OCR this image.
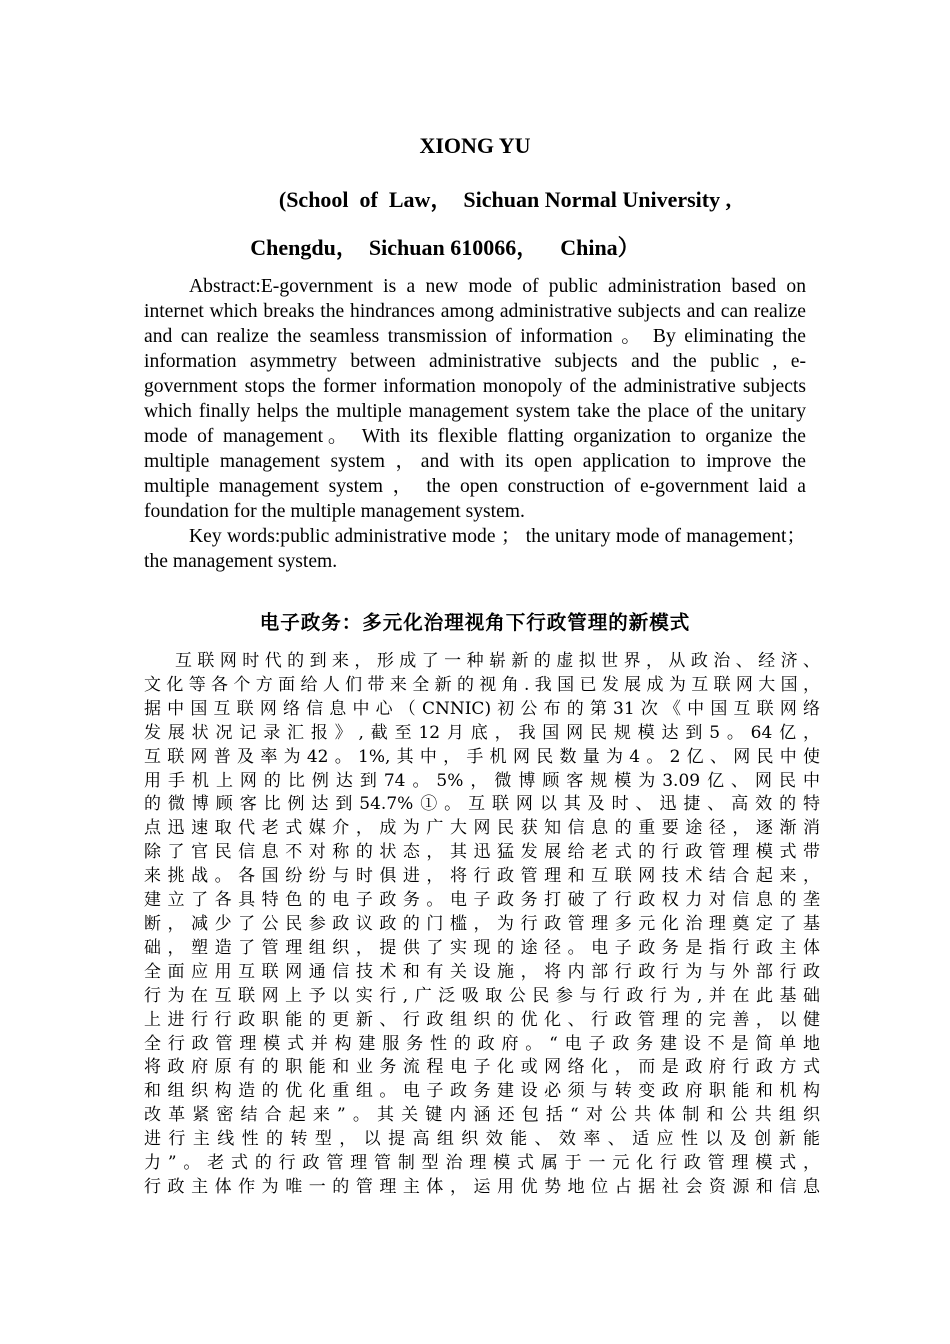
XIONG YU
(School  of  Law，  Sichuan Normal University ,
Chengdu，  Sichuan 610066，    China）

Abstract:E-government is a new mode of public administration based on internet which breaks the hindrances among administrative subjects and can realize and can realize the seamless transmission of information 。 By eliminating the information asymmetry between administrative subjects and the public , e-government stops the former information monopoly of the administrative subjects which finally helps the multiple management system take the place of the unitary mode of management。 With its flexible flatting organization to organize the multiple management system ，and with its open application to improve the multiple management system ， the open construction of e-government laid a foundation for the multiple management system.

Key words:public administrative mode ； the unitary mode of management； the management system.

电子政务：多元化治理视角下行政管理的新模式
互联网时代的到来，形成了一种崭新的虚拟世界，从政治、经济、
文化等各个方面给人们带来全新的视角.我国已发展成为互联网大国，
据中国互联网络信息中心（CNNIC)初公布的第31次《中国互联网络
发展状况记录汇报》,截至12月底，我国网民规模达到5。64亿，
互联网普及率为42。1%,其中，手机网民数量为4。2亿、网民中使
用手机上网的比例达到74。5%，微博顾客规模为3.09亿、网民中
的微博顾客比例达到54.7%①。互联网以其及时、迅捷、高效的特
点迅速取代老式媒介，成为广大网民获知信息的重要途径，逐渐消
除了官民信息不对称的状态，其迅猛发展给老式的行政管理模式带
来挑战。各国纷纷与时俱进，将行政管理和互联网技术结合起来，
建立了各具特色的电子政务。电子政务打破了行政权力对信息的垄
断，减少了公民参政议政的门槛，为行政管理多元化治理奠定了基
础，塑造了管理组织，提供了实现的途径。电子政务是指行政主体
全面应用互联网通信技术和有关设施，将内部行政行为与外部行政
行为在互联网上予以实行,广泛吸取公民参与行政行为,并在此基础
上进行行政职能的更新、行政组织的优化、行政管理的完善，以健
全行政管理模式并构建服务性的政府。“电子政务建设不是简单地
将政府原有的职能和业务流程电子化或网络化，而是政府行政方式
和组织构造的优化重组。电子政务建设必须与转变政府职能和机构
改革紧密结合起来”。其关键内涵还包括“对公共体制和公共组织
进行主线性的转型，以提高组织效能、效率、适应性以及创新能
力”。老式的行政管理管制型治理模式属于一元化行政管理模式，
行政主体作为唯一的管理主体，运用优势地位占据社会资源和信息
